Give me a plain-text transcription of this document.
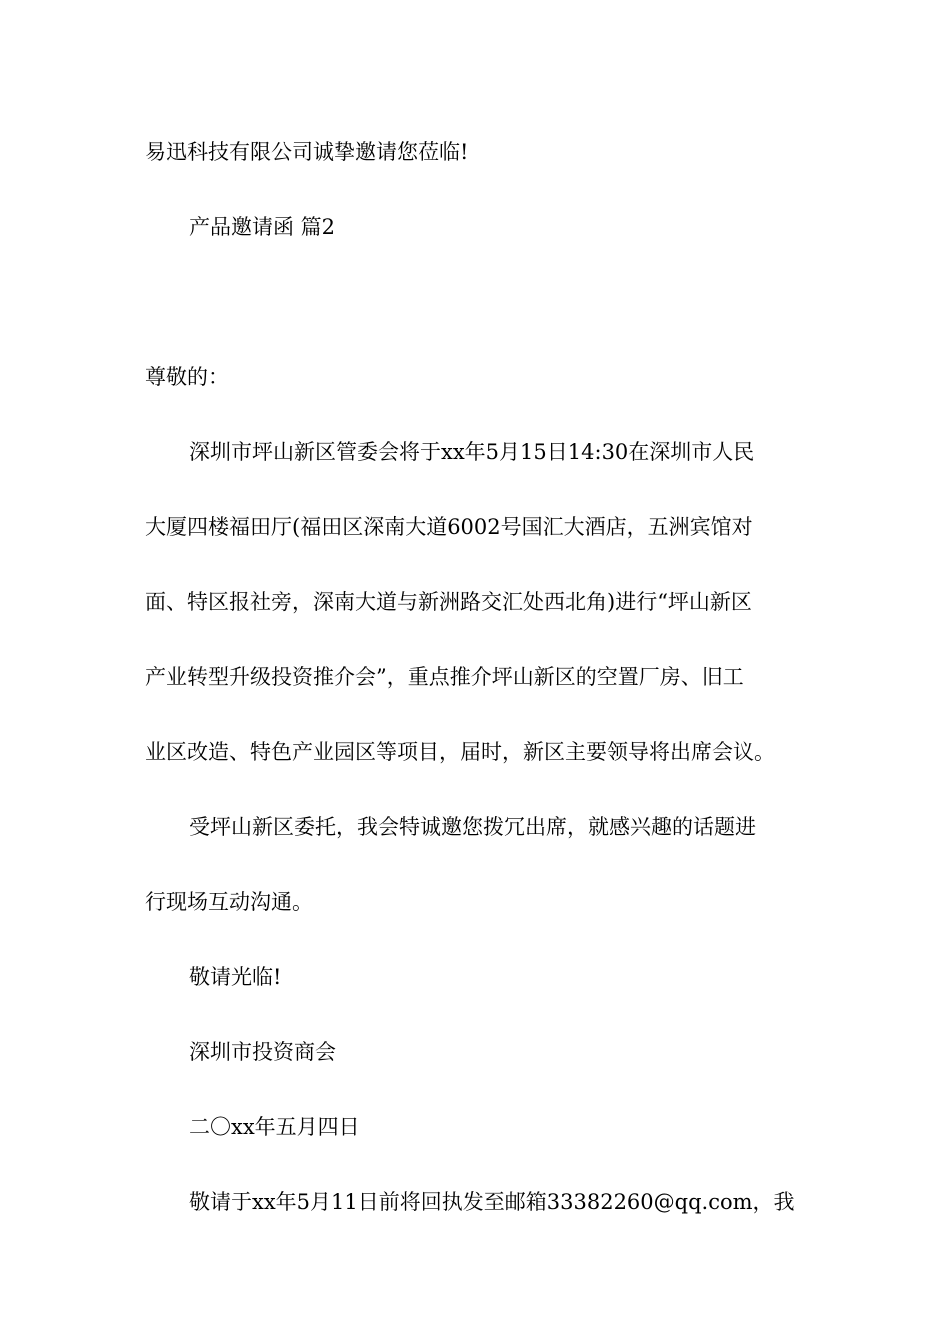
易迅科技有限公司诚挚邀请您莅临!
产品邀请函 篇2
尊敬的：
深圳市坪山新区管委会将于xx年5月15日14:30在深圳市人民
大厦四楼福田厅(福田区深南大道6002号国汇大酒店，五洲宾馆对
面、特区报社旁，深南大道与新洲路交汇处西北角)进行“坪山新区
产业转型升级投资推介会”，重点推介坪山新区的空置厂房、旧工
业区改造、特色产业园区等项目，届时，新区主要领导将出席会议。
受坪山新区委托，我会特诚邀您拨冗出席，就感兴趣的话题进
行现场互动沟通。
敬请光临!
深圳市投资商会
二〇xx年五月四日
敬请于xx年5月11日前将回执发至邮箱33382260@qq.com，我
